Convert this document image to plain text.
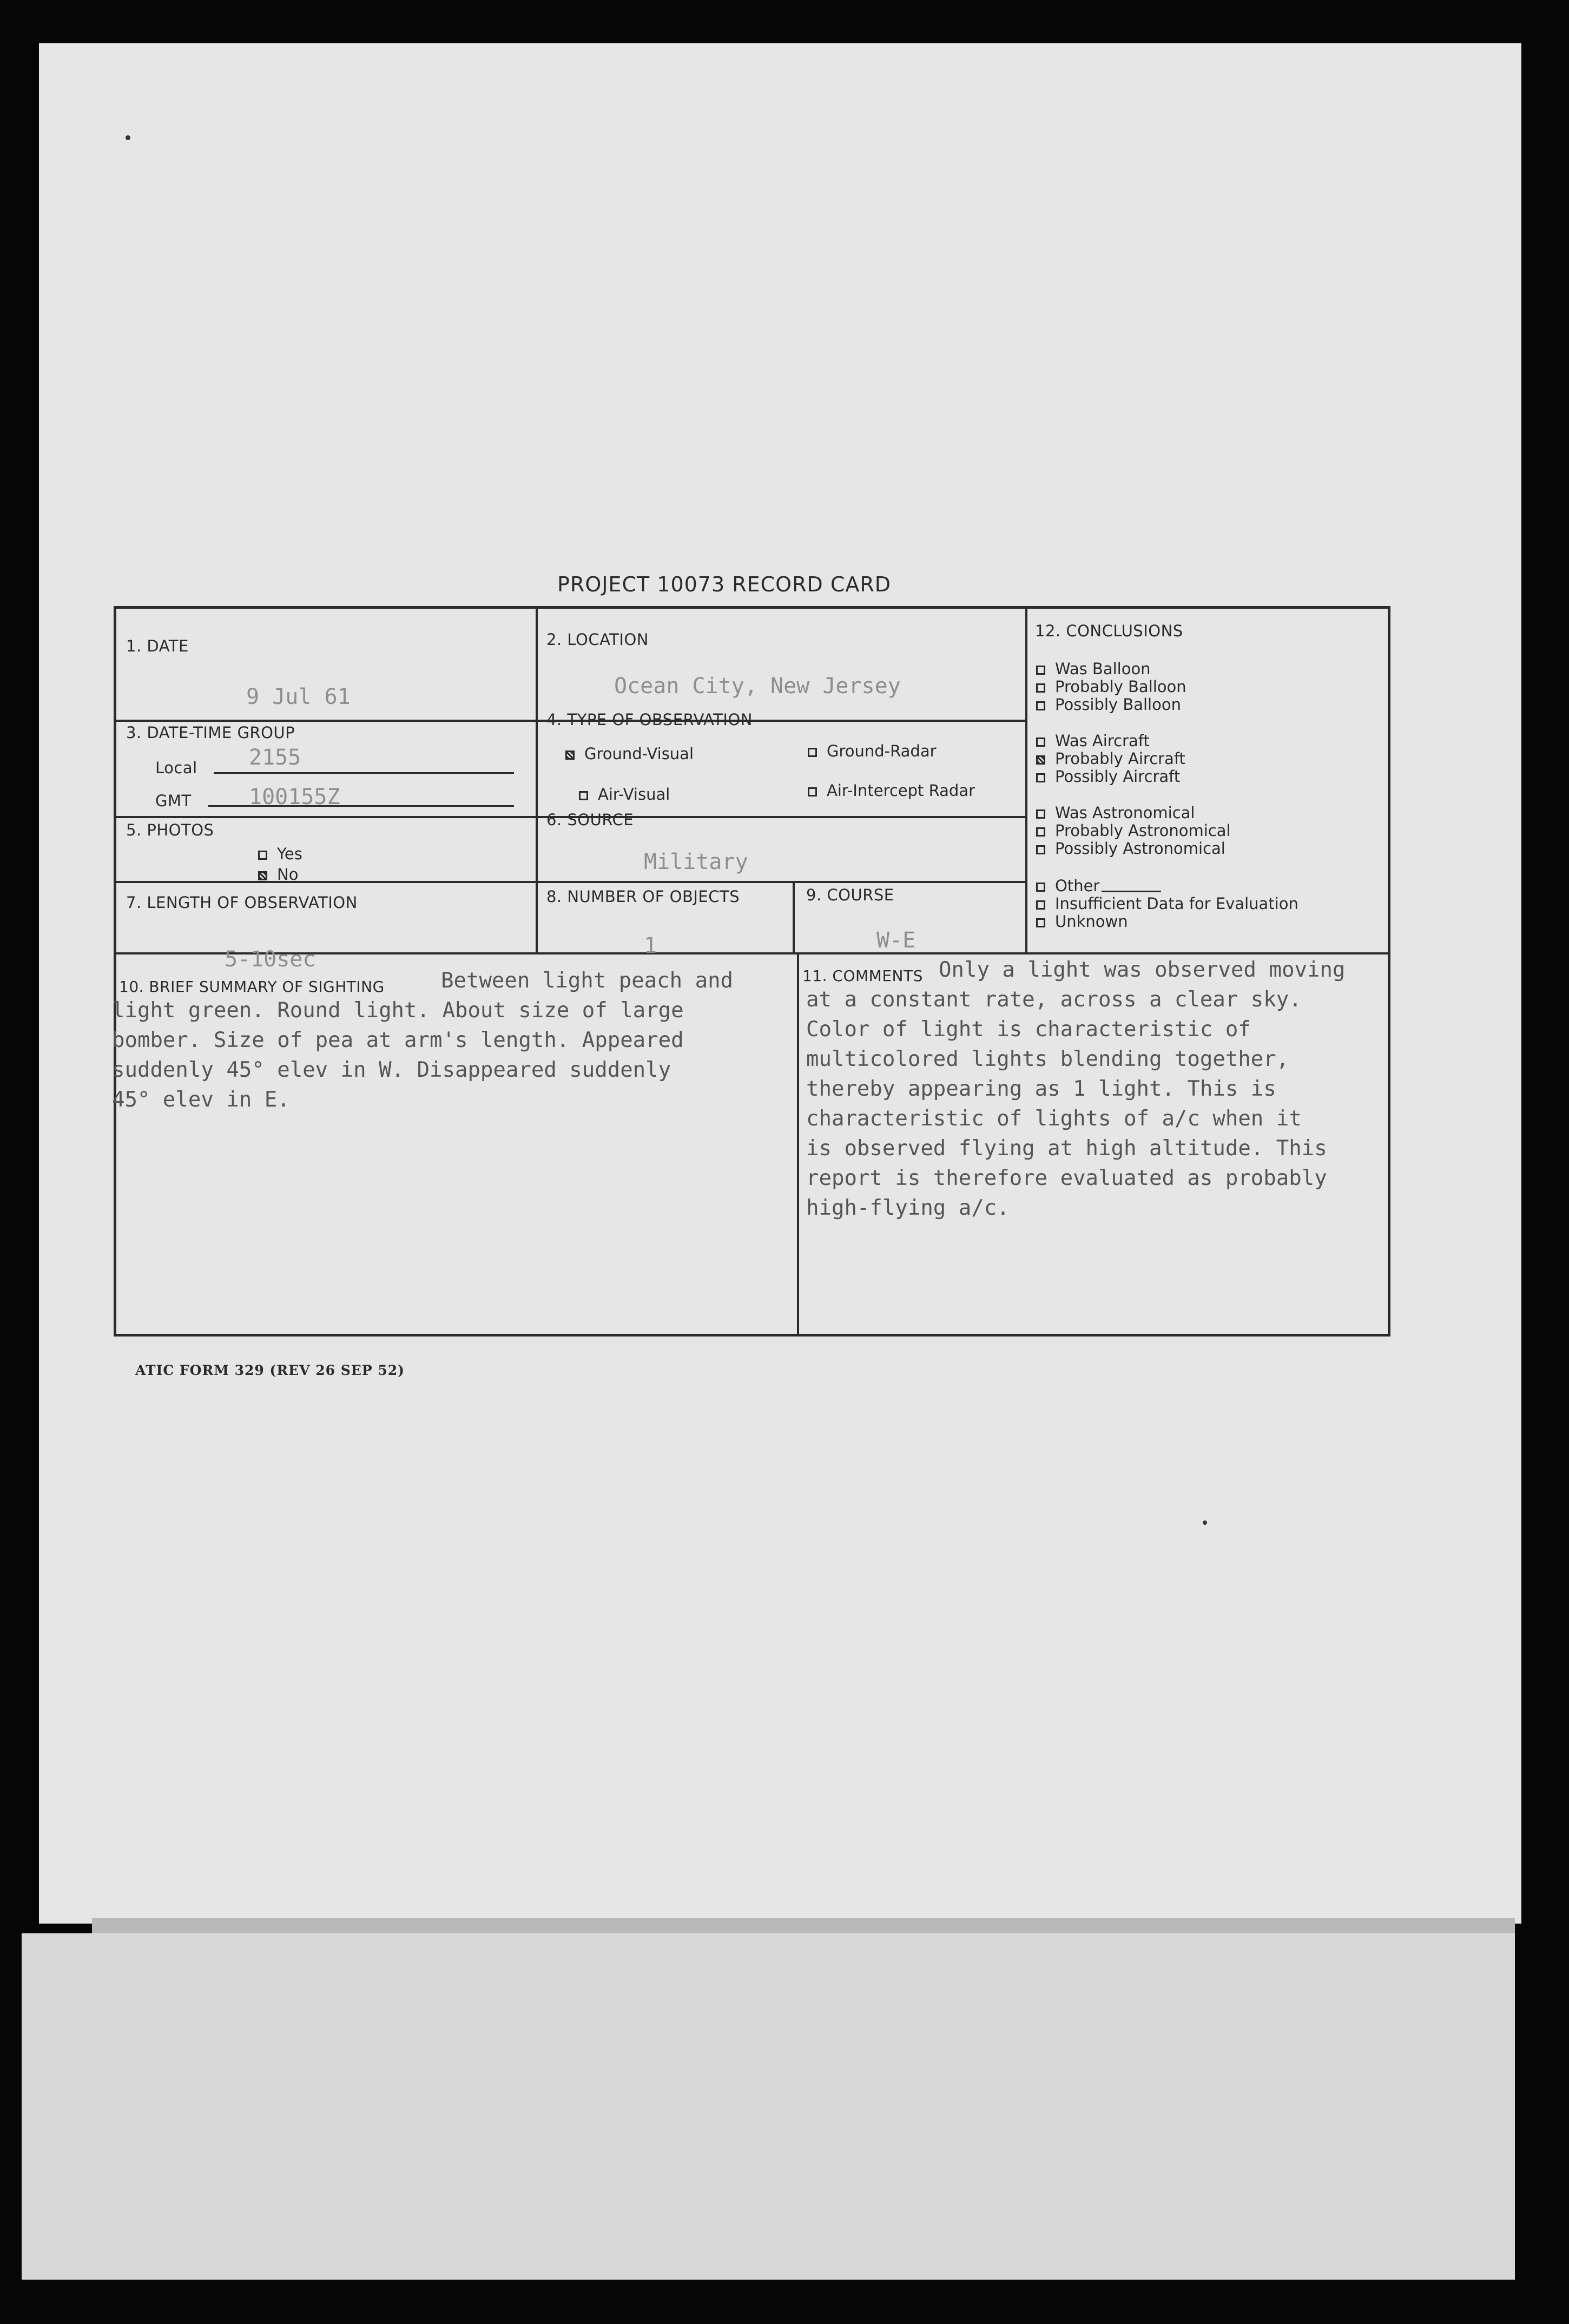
PROJECT 10073 RECORD CARD
1. DATE
9 Jul 61
2. LOCATION
Ocean City, New Jersey
3. DATE-TIME GROUP
Local 2155
GMT	100155Z
4. TYPE OF OBSERVATION
Ground-Visual	Ground-Radar
Air-Visual	Air-Intercept Radar
5. PHOTOS
Yes
No
6. SOURCE
Military
7. LENGTH OF OBSERVATION
5-10sec
8. NUMBER OF OBJECTS
1
9. COURSE
W-E
10. BRIEF SUMMARY OF SIGHTING	Between light peach and
light green. Round light. About size of large
bomber. Size of pea at arm's length. Appeared
suddenly 45° elev in W. Disappeared suddenly
45° elev in E.
11. COMMENTS Only a light was observed moving
at a constant rate, across a clear sky.
Color of light is characteristic of
multicolored lights blending together,
thereby appearing as 1 light. This is
characteristic of lights of a/c when it
is observed flying at high altitude. This
report is therefore evaluated as probably
high-flying a/c.
12. CONCLUSIONS
Was Balloon
Probably Balloon
Possibly Balloon
Was Aircraft
Probably Aircraft
Possibly Aircraft
Was Astronomical
Probably Astronomical
Possibly Astronomical
Other
Insufficient Data for Evaluation
Unknown
ATIC FORM 329 (REV 26 SEP 52)
